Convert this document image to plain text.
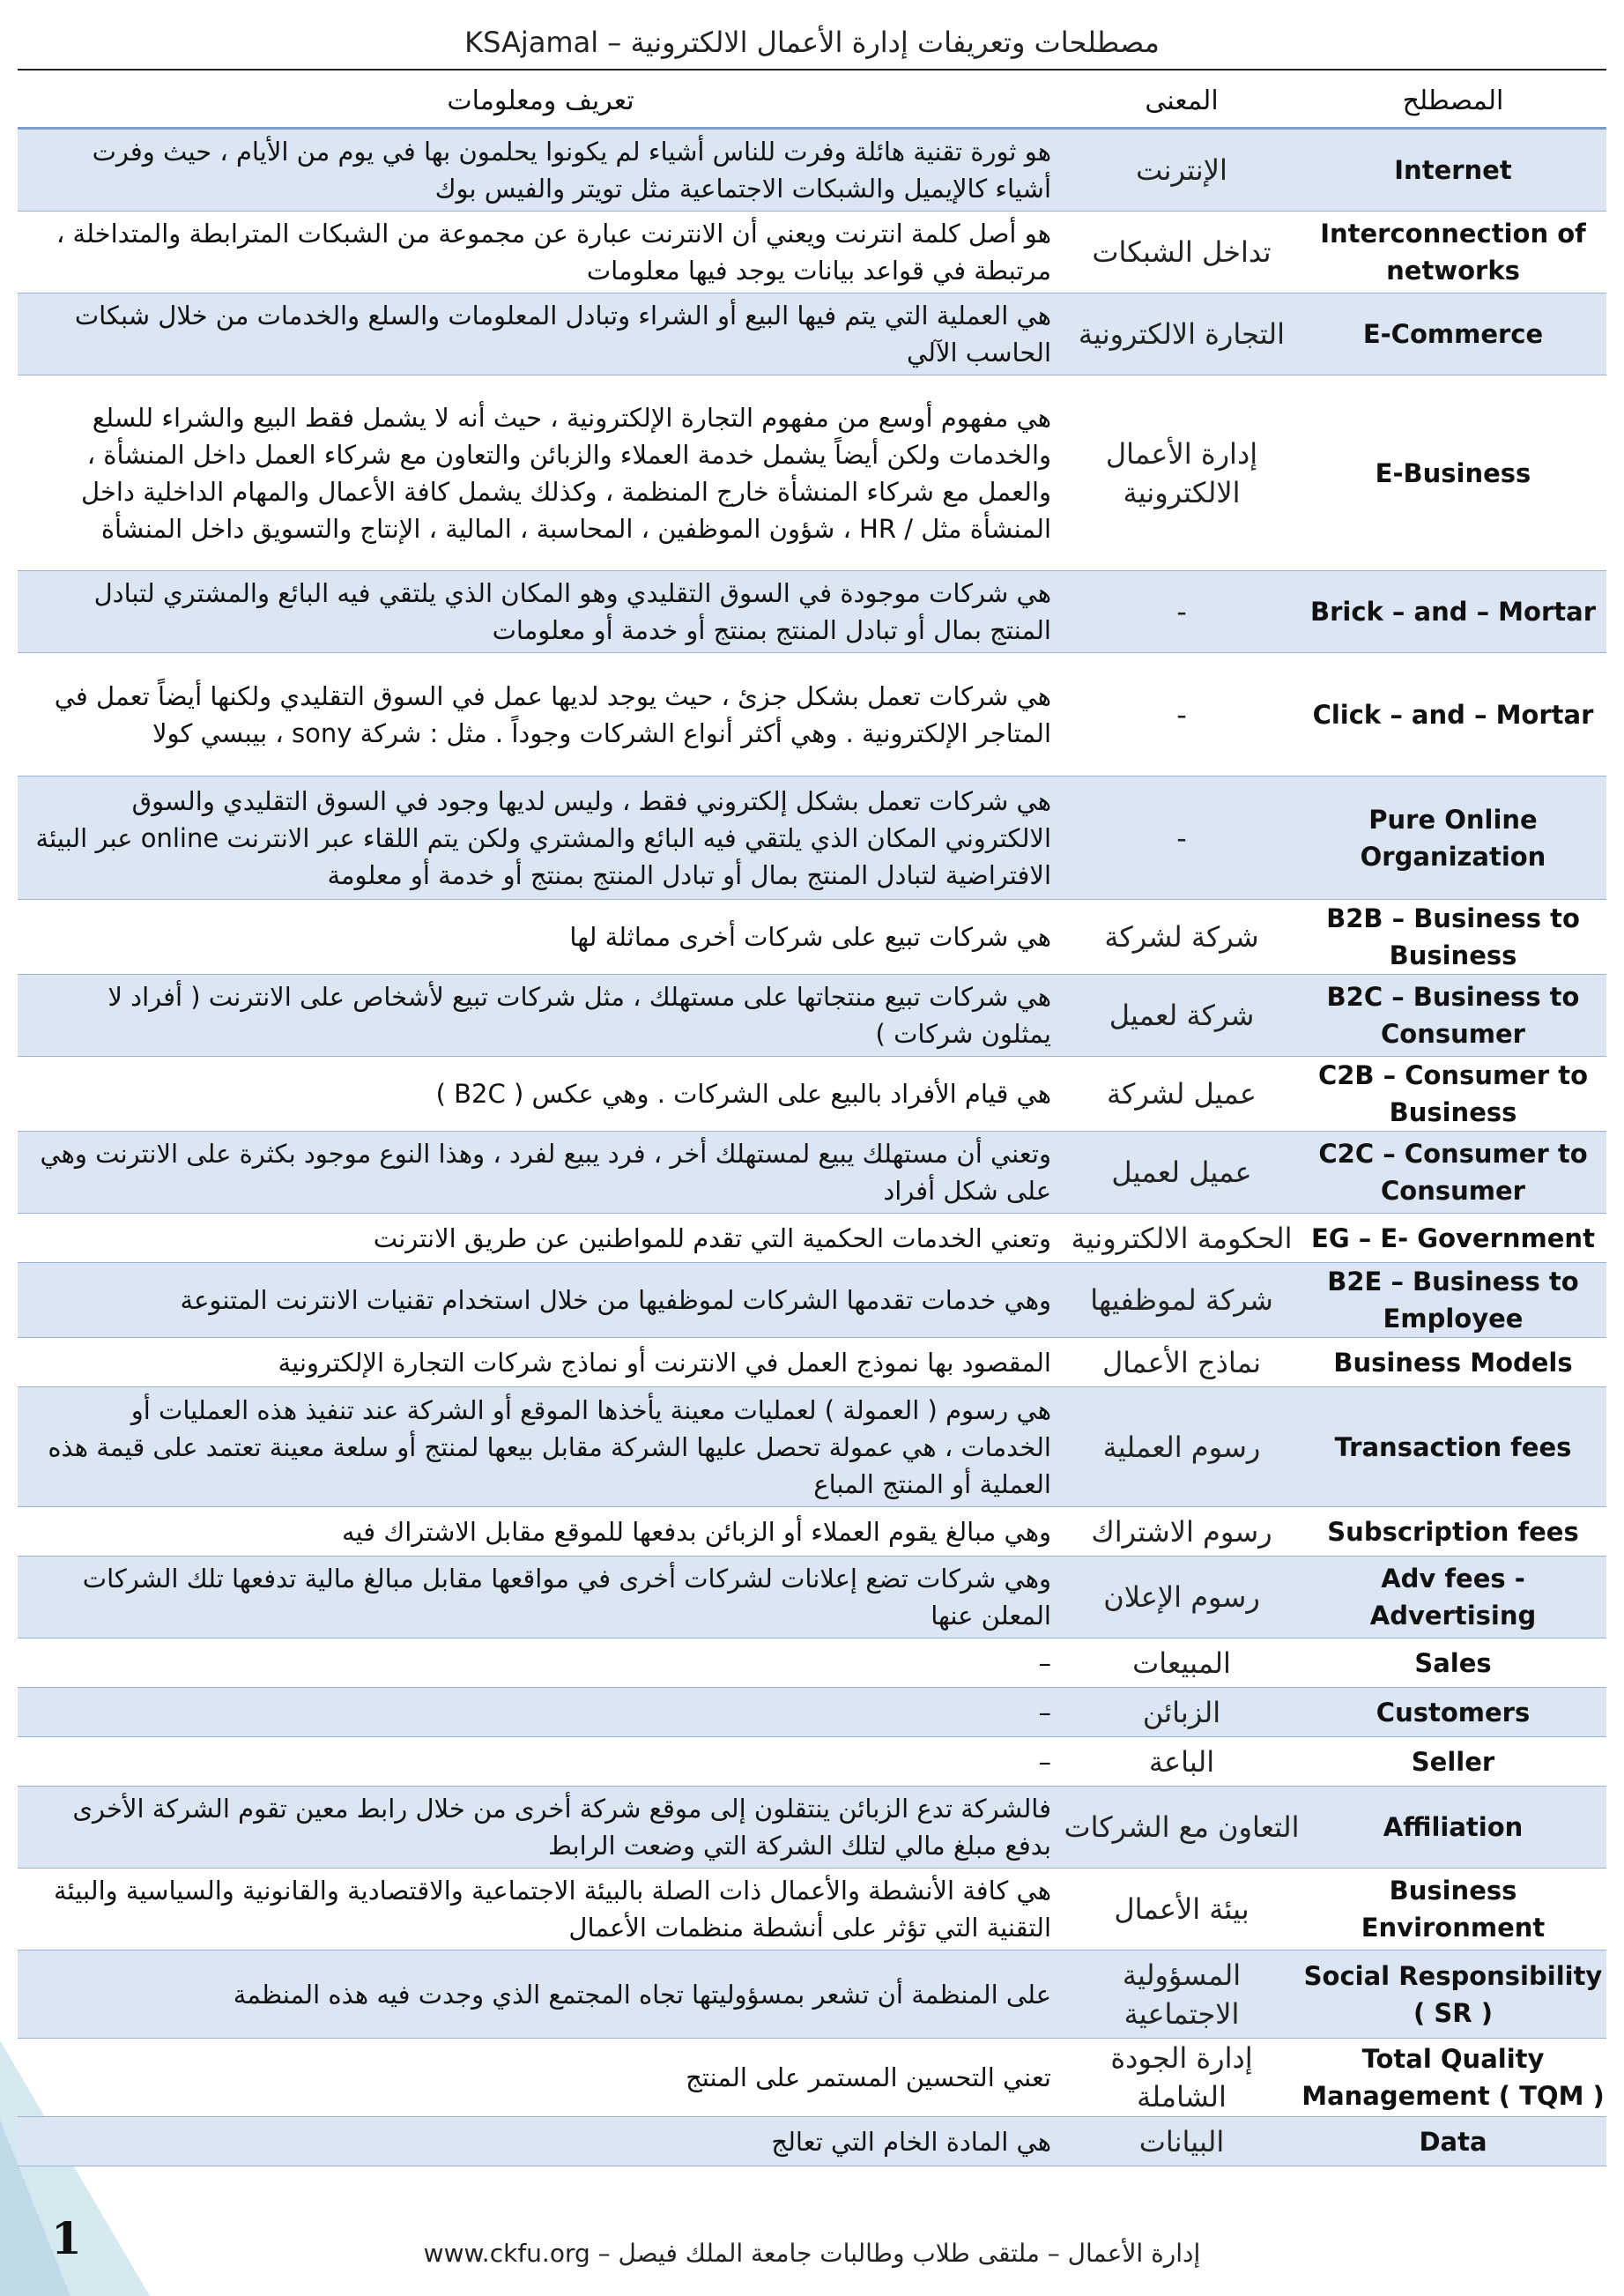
KSAjamal – مصطلحات وتعريفات إدارة الأعمال الالكترونية
المصطلح	المعنى	تعريف ومعلومات
Internet	الإنترنت	هو ثورة تقنية هائلة وفرت للناس أشياء لم يكونوا يحلمون بها في يوم من الأيام ، حيث وفرت أشياء كالإيميل والشبكات الاجتماعية مثل تويتر والفيس بوك
Interconnection of networks	تداخل الشبكات	هو أصل كلمة انترنت ويعني أن الانترنت عبارة عن مجموعة من الشبكات المترابطة والمتداخلة ، مرتبطة في قواعد بيانات يوجد فيها معلومات
E-Commerce	التجارة الالكترونية	هي العملية التي يتم فيها البيع أو الشراء وتبادل المعلومات والسلع والخدمات من خلال شبكات الحاسب الآلي
E-Business	إدارة الأعمال الالكترونية	هي مفهوم أوسع من مفهوم التجارة الإلكترونية ، حيث أنه لا يشمل فقط البيع والشراء للسلع والخدمات ولكن أيضاً يشمل خدمة العملاء والزبائن والتعاون مع شركاء العمل داخل المنشأة ، والعمل مع شركاء المنشأة خارج المنظمة ، وكذلك يشمل كافة الأعمال والمهام الداخلية داخل المنشأة مثل / HR ، شؤون الموظفين ، المحاسبة ، المالية ، الإنتاج والتسويق داخل المنشأة
Brick – and – Mortar	-	هي شركات موجودة في السوق التقليدي وهو المكان الذي يلتقي فيه البائع والمشتري لتبادل المنتج بمال أو تبادل المنتج بمنتج أو خدمة أو معلومات
Click – and – Mortar	-	هي شركات تعمل بشكل جزئ ، حيث يوجد لديها عمل في السوق التقليدي ولكنها أيضاً تعمل في المتاجر الإلكترونية . وهي أكثر أنواع الشركات وجوداً . مثل : شركة sony ، بيبسي كولا
Pure Online Organization	-	هي شركات تعمل بشكل إلكتروني فقط ، وليس لديها وجود في السوق التقليدي والسوق الالكتروني المكان الذي يلتقي فيه البائع والمشتري ولكن يتم اللقاء عبر الانترنت online عبر البيئة الافتراضية لتبادل المنتج بمال أو تبادل المنتج بمنتج أو خدمة أو معلومة
B2B – Business to Business	شركة لشركة	هي شركات تبيع على شركات أخرى مماثلة لها
B2C – Business to Consumer	شركة لعميل	هي شركات تبيع منتجاتها على مستهلك ، مثل شركات تبيع لأشخاص على الانترنت ( أفراد لا يمثلون شركات )
C2B – Consumer to Business	عميل لشركة	هي قيام الأفراد بالبيع على الشركات . وهي عكس ( B2C )
C2C – Consumer to Consumer	عميل لعميل	وتعني أن مستهلك يبيع لمستهلك أخر ، فرد يبيع لفرد ، وهذا النوع موجود بكثرة على الانترنت وهي على شكل أفراد
EG – E- Government	الحكومة الالكترونية	وتعني الخدمات الحكمية التي تقدم للمواطنين عن طريق الانترنت
B2E – Business to Employee	شركة لموظفيها	وهي خدمات تقدمها الشركات لموظفيها من خلال استخدام تقنيات الانترنت المتنوعة
Business Models	نماذج الأعمال	المقصود بها نموذج العمل في الانترنت أو نماذج شركات التجارة الإلكترونية
Transaction fees	رسوم العملية	هي رسوم ( العمولة ) لعمليات معينة يأخذها الموقع أو الشركة عند تنفيذ هذه العمليات أو الخدمات ، هي عمولة تحصل عليها الشركة مقابل بيعها لمنتج أو سلعة معينة تعتمد على قيمة هذه العملية أو المنتج المباع
Subscription fees	رسوم الاشتراك	وهي مبالغ يقوم العملاء أو الزبائن بدفعها للموقع مقابل الاشتراك فيه
Adv fees - Advertising	رسوم الإعلان	وهي شركات تضع إعلانات لشركات أخرى في مواقعها مقابل مبالغ مالية تدفعها تلك الشركات المعلن عنها
Sales	المبيعات	–
Customers	الزبائن	–
Seller	الباعة	–
Affiliation	التعاون مع الشركات	فالشركة تدع الزبائن ينتقلون إلى موقع شركة أخرى من خلال رابط معين تقوم الشركة الأخرى بدفع مبلغ مالي لتلك الشركة التي وضعت الرابط
Business Environment	بيئة الأعمال	هي كافة الأنشطة والأعمال ذات الصلة بالبيئة الاجتماعية والاقتصادية والقانونية والسياسية والبيئة التقنية التي تؤثر على أنشطة منظمات الأعمال
Social Responsibility ( SR )	المسؤولية الاجتماعية	على المنظمة أن تشعر بمسؤوليتها تجاه المجتمع الذي وجدت فيه هذه المنظمة
Total Quality Management ( TQM )	إدارة الجودة الشاملة	تعني التحسين المستمر على المنتج
Data	البيانات	هي المادة الخام التي تعالج
1	www.ckfu.org – إدارة الأعمال – ملتقى طلاب وطالبات جامعة الملك فيصل
